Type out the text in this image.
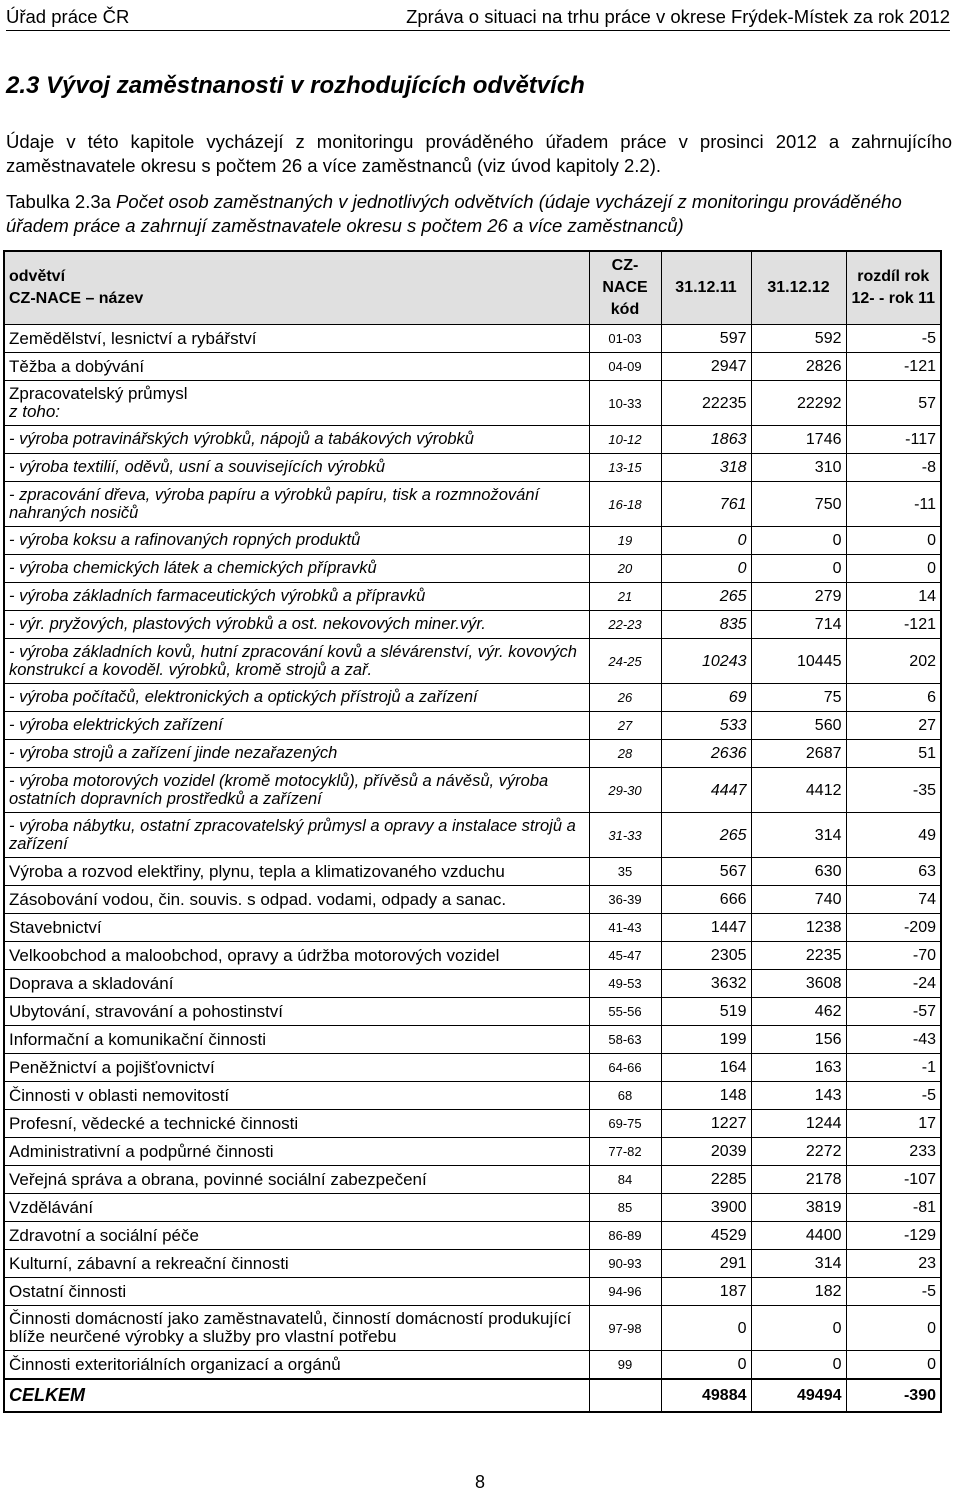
Úřad práce ČR	Zpráva o situaci na trhu práce v okrese Frýdek-Místek za rok 2012
2.3 Vývoj zaměstnanosti v rozhodujících odvětvích
Údaje v této kapitole vycházejí z monitoringu prováděného úřadem práce v prosinci 2012 a zahrnujícího zaměstnavatele okresu s počtem 26 a více zaměstnanců (viz úvod kapitoly 2.2).
Tabulka 2.3a Počet osob zaměstnaných v jednotlivých odvětvích (údaje vycházejí z monitoringu prováděného úřadem práce a zahrnují zaměstnavatele okresu s počtem 26 a více zaměstnanců)
odvětví
CZ-NACE – název	CZ-NACE kód	31.12.11	31.12.12	rozdíl rok 12- - rok 11
Zemědělství, lesnictví a rybářství	01-03	597	592	-5
Těžba a dobývání	04-09	2947	2826	-121
Zpracovatelský průmysl
z toho:	10-33	22235	22292	57
- výroba potravinářských výrobků, nápojů a tabákových výrobků	10-12	1863	1746	-117
- výroba textilií, oděvů, usní a souvisejících výrobků	13-15	318	310	-8
- zpracování dřeva, výroba papíru a výrobků papíru, tisk a rozmnožování nahraných nosičů	16-18	761	750	-11
- výroba koksu a rafinovaných ropných produktů	19	0	0	0
- výroba chemických látek a chemických přípravků	20	0	0	0
- výroba základních farmaceutických výrobků a přípravků	21	265	279	14
- výr. pryžových, plastových výrobků a ost. nekovových miner.výr.	22-23	835	714	-121
- výroba základních kovů, hutní zpracování kovů a slévárenství, výr. kovových konstrukcí a kovoděl. výrobků, kromě strojů a zař.	24-25	10243	10445	202
- výroba počítačů, elektronických a optických přístrojů a zařízení	26	69	75	6
- výroba elektrických zařízení	27	533	560	27
- výroba strojů a zařízení jinde nezařazených	28	2636	2687	51
- výroba motorových vozidel (kromě motocyklů), přívěsů a návěsů, výroba ostatních dopravních prostředků a zařízení	29-30	4447	4412	-35
- výroba nábytku, ostatní zpracovatelský průmysl a opravy a instalace strojů a zařízení	31-33	265	314	49
Výroba a rozvod elektřiny, plynu, tepla a klimatizovaného vzduchu	35	567	630	63
Zásobování vodou, čin. souvis. s odpad. vodami, odpady a sanac.	36-39	666	740	74
Stavebnictví	41-43	1447	1238	-209
Velkoobchod a maloobchod, opravy a údržba motorových vozidel	45-47	2305	2235	-70
Doprava a skladování	49-53	3632	3608	-24
Ubytování, stravování a pohostinství	55-56	519	462	-57
Informační a komunikační činnosti	58-63	199	156	-43
Peněžnictví a pojišťovnictví	64-66	164	163	-1
Činnosti v oblasti nemovitostí	68	148	143	-5
Profesní, vědecké a technické činnosti	69-75	1227	1244	17
Administrativní a podpůrné činnosti	77-82	2039	2272	233
Veřejná správa a obrana, povinné sociální zabezpečení	84	2285	2178	-107
Vzdělávání	85	3900	3819	-81
Zdravotní a sociální péče	86-89	4529	4400	-129
Kulturní, zábavní a rekreační činnosti	90-93	291	314	23
Ostatní činnosti	94-96	187	182	-5
Činnosti domácností jako zaměstnavatelů, činností domácností produkující blíže neurčené výrobky a služby pro vlastní potřebu	97-98	0	0	0
Činnosti exteritoriálních organizací a orgánů	99	0	0	0
CELKEM		49884	49494	-390
8
